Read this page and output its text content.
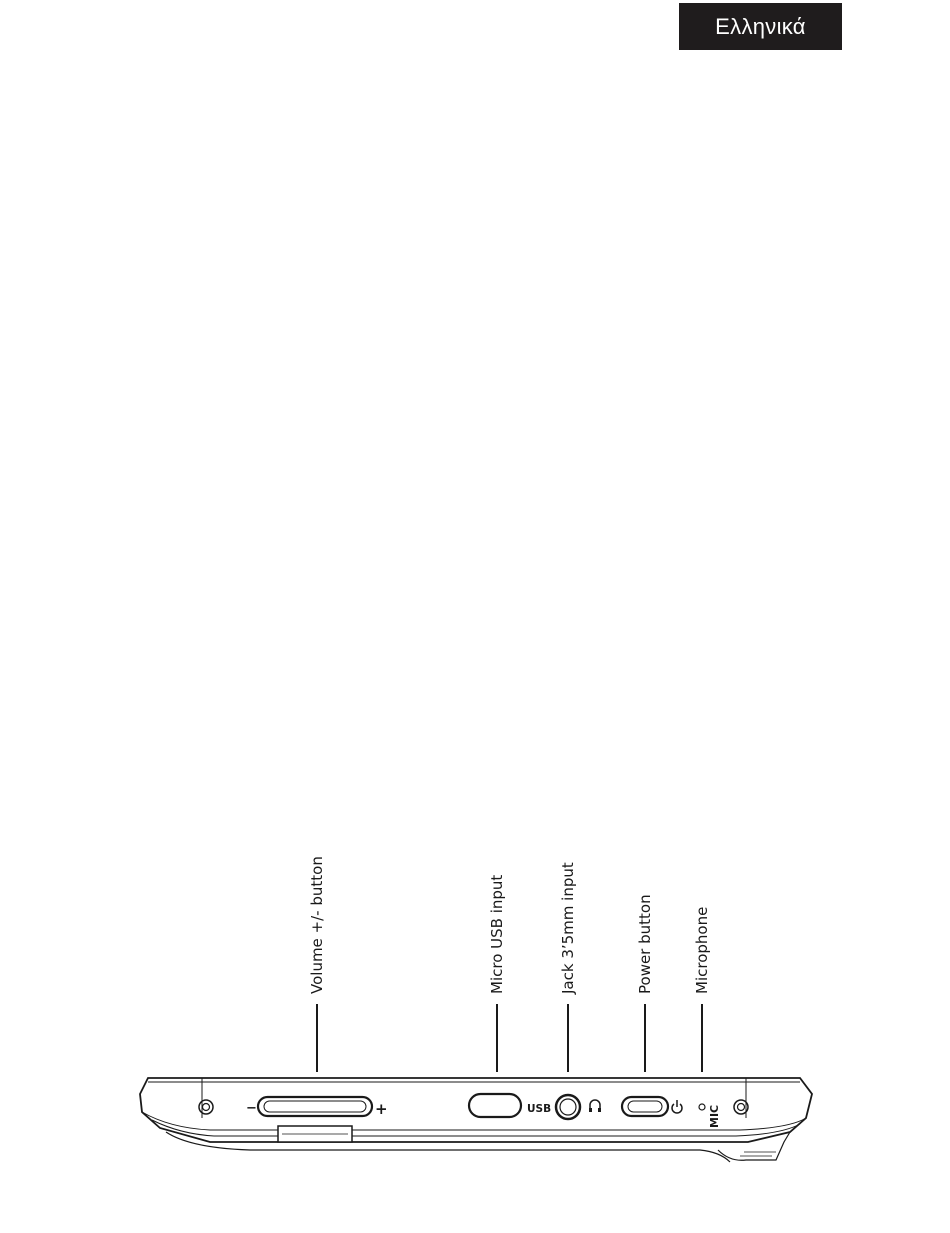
Ελληνικά
Volume +/- button	Micro USB input	Jack 3’5mm input	Power button	Microphone
−	+	USB	MIC
